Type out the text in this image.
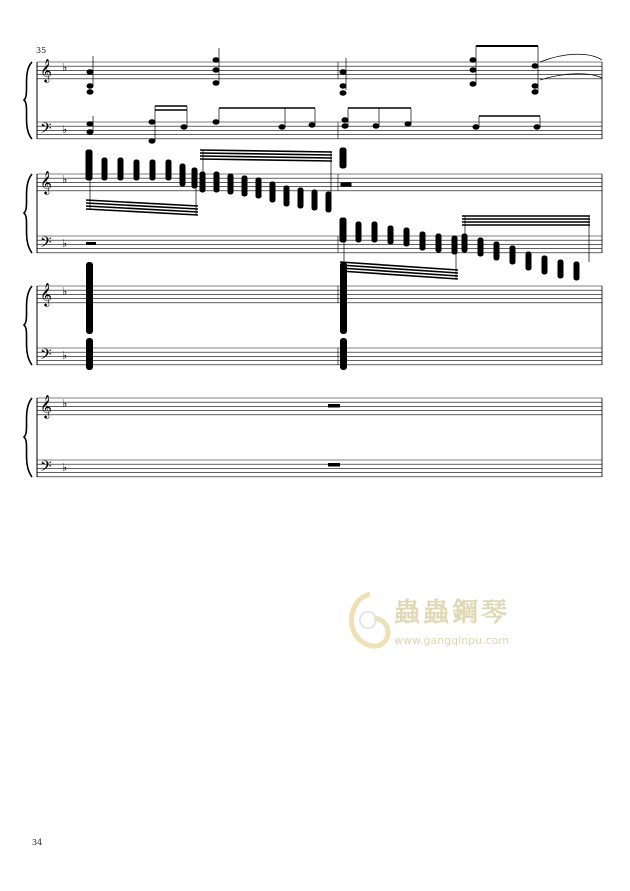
𝄞
𝄢
♭
♭
𝄞
𝄢
♭
♭
𝄞
𝄢
♭
♭
𝄞
𝄢
♭
♭
35
34
蟲蟲鋼琴
www.gangqinpu.com
